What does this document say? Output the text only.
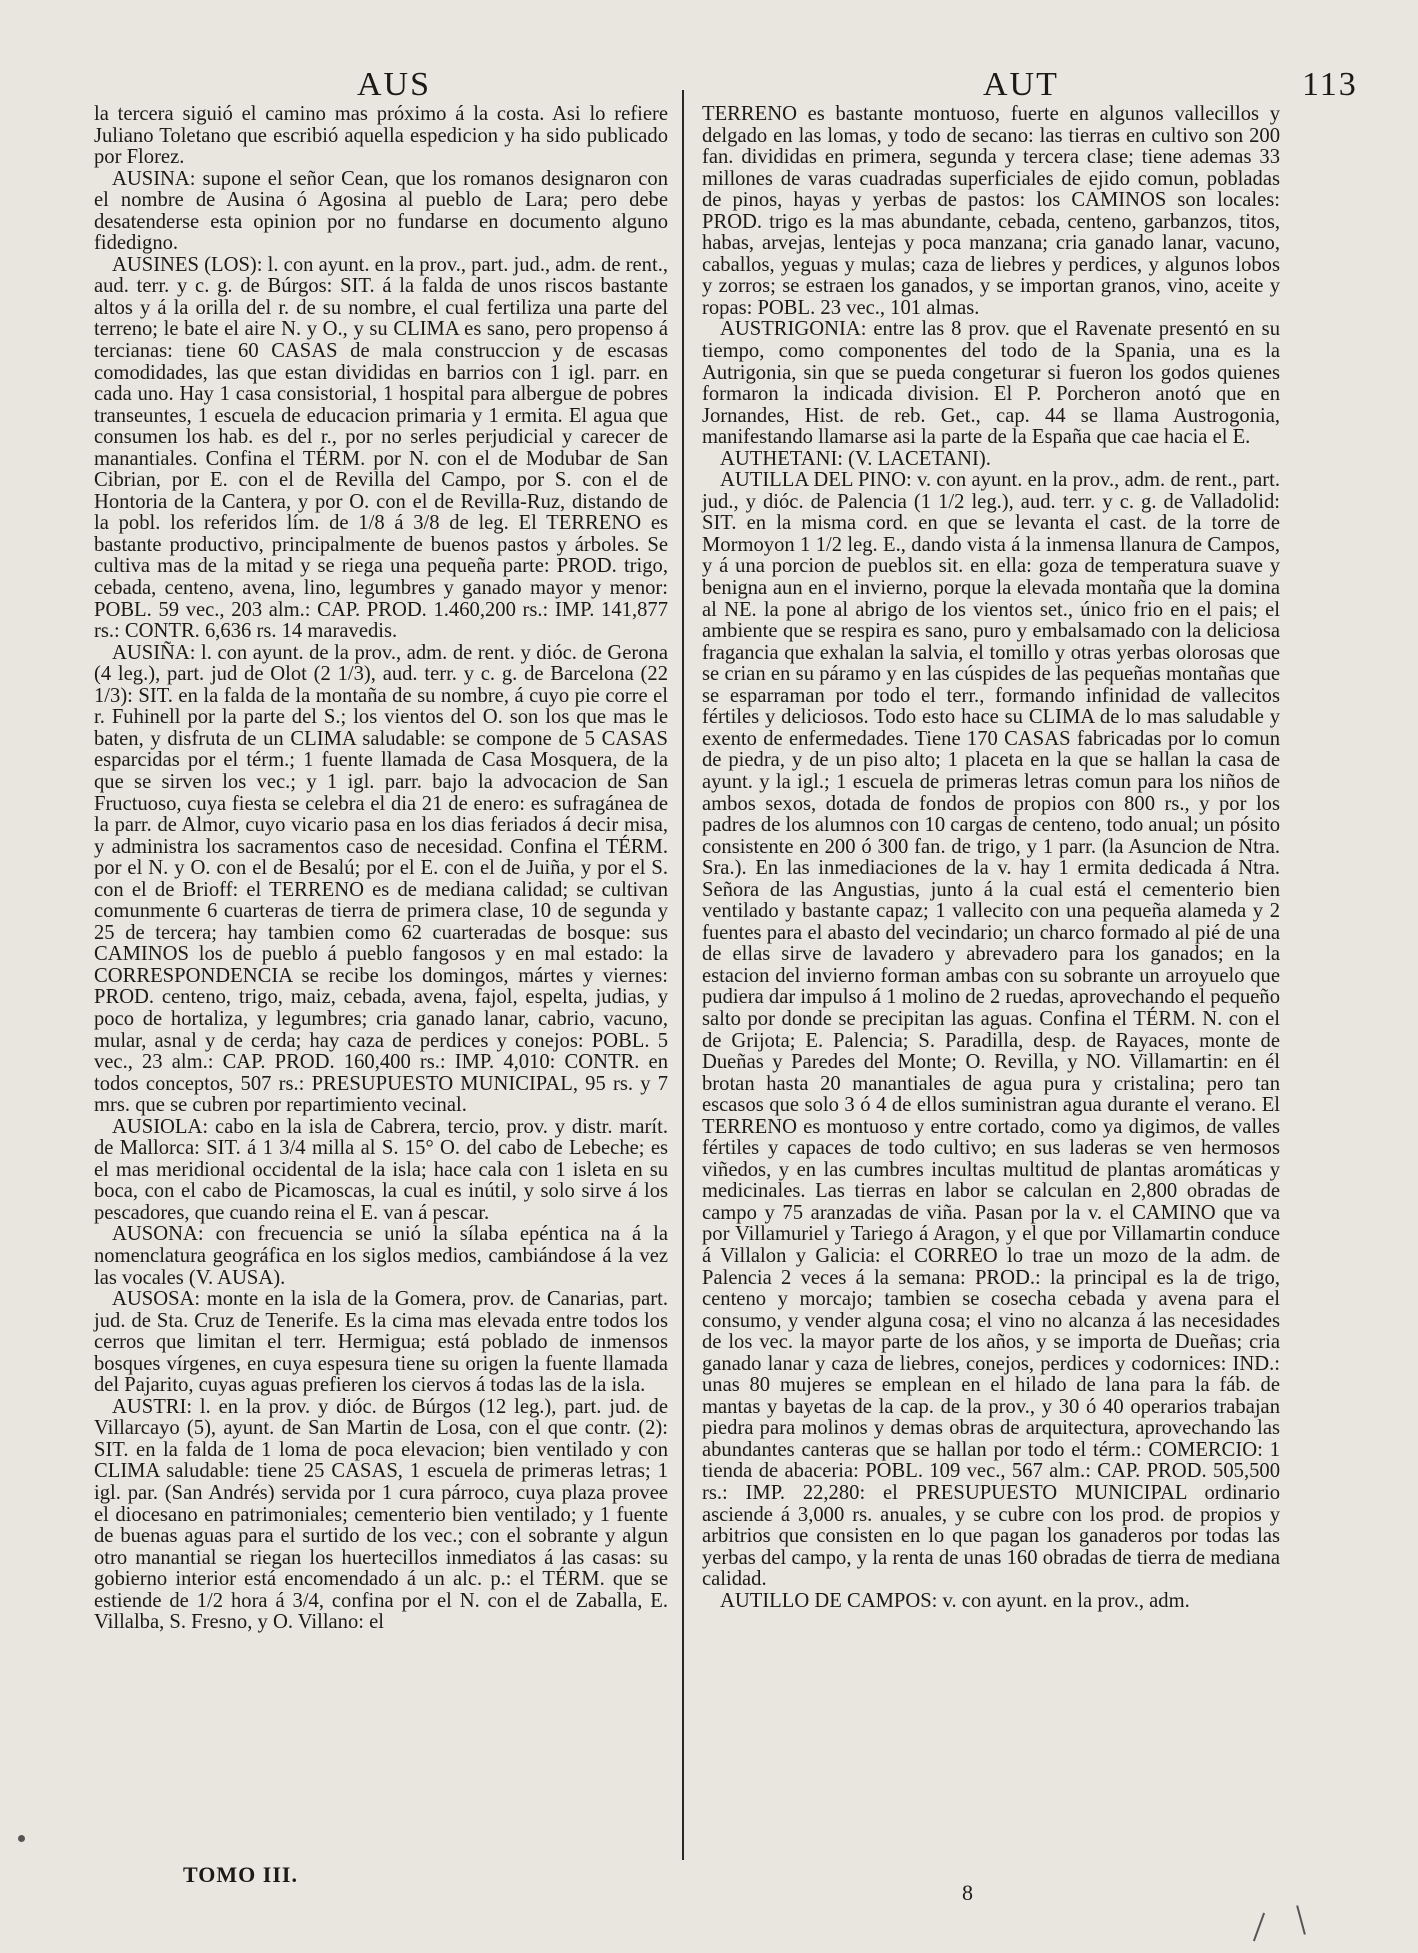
AUS	AUT	113

la tercera siguió el camino mas próximo á la costa. Asi lo refiere Juliano Toletano que escribió aquella espedicion y ha sido publicado por Florez.

AUSINA: supone el señor Cean, que los romanos designaron con el nombre de Ausina ó Agosina al pueblo de Lara; pero debe desatenderse esta opinion por no fundarse en documento alguno fidedigno.

AUSINES (LOS): l. con ayunt. en la prov., part. jud., adm. de rent., aud. terr. y c. g. de Búrgos: SIT. á la falda de unos riscos bastante altos y á la orilla del r. de su nombre, el cual fertiliza una parte del terreno; le bate el aire N. y O., y su CLIMA es sano, pero propenso á tercianas: tiene 60 CASAS de mala construccion y de escasas comodidades, las que estan divididas en barrios con 1 igl. parr. en cada uno. Hay 1 casa consistorial, 1 hospital para albergue de pobres transeuntes, 1 escuela de educacion primaria y 1 ermita. El agua que consumen los hab. es del r., por no serles perjudicial y carecer de manantiales. Confina el TÉRM. por N. con el de Modubar de San Cibrian, por E. con el de Revilla del Campo, por S. con el de Hontoria de la Cantera, y por O. con el de Revilla-Ruz, distando de la pobl. los referidos lím. de 1/8 á 3/8 de leg. El TERRENO es bastante productivo, principalmente de buenos pastos y árboles. Se cultiva mas de la mitad y se riega una pequeña parte: PROD. trigo, cebada, centeno, avena, lino, legumbres y ganado mayor y menor: POBL. 59 vec., 203 alm.: CAP. PROD. 1.460,200 rs.: IMP. 141,877 rs.: CONTR. 6,636 rs. 14 maravedis.

AUSIÑA: l. con ayunt. de la prov., adm. de rent. y dióc. de Gerona (4 leg.), part. jud de Olot (2 1/3), aud. terr. y c. g. de Barcelona (22 1/3): SIT. en la falda de la montaña de su nombre, á cuyo pie corre el r. Fuhinell por la parte del S.; los vientos del O. son los que mas le baten, y disfruta de un CLIMA saludable: se compone de 5 CASAS esparcidas por el térm.; 1 fuente llamada de Casa Mosquera, de la que se sirven los vec.; y 1 igl. parr. bajo la advocacion de San Fructuoso, cuya fiesta se celebra el dia 21 de enero: es sufragánea de la parr. de Almor, cuyo vicario pasa en los dias feriados á decir misa, y administra los sacramentos caso de necesidad. Confina el TÉRM. por el N. y O. con el de Besalú; por el E. con el de Juiña, y por el S. con el de Brioff: el TERRENO es de mediana calidad; se cultivan comunmente 6 cuarteras de tierra de primera clase, 10 de segunda y 25 de tercera; hay tambien como 62 cuarteradas de bosque: sus CAMINOS los de pueblo á pueblo fangosos y en mal estado: la CORRESPONDENCIA se recibe los domingos, mártes y viernes: PROD. centeno, trigo, maiz, cebada, avena, fajol, espelta, judias, y poco de hortaliza, y legumbres; cria ganado lanar, cabrio, vacuno, mular, asnal y de cerda; hay caza de perdices y conejos: POBL. 5 vec., 23 alm.: CAP. PROD. 160,400 rs.: IMP. 4,010: CONTR. en todos conceptos, 507 rs.: PRESUPUESTO MUNICIPAL, 95 rs. y 7 mrs. que se cubren por repartimiento vecinal.

AUSIOLA: cabo en la isla de Cabrera, tercio, prov. y distr. marít. de Mallorca: SIT. á 1 3/4 milla al S. 15° O. del cabo de Lebeche; es el mas meridional occidental de la isla; hace cala con 1 isleta en su boca, con el cabo de Picamoscas, la cual es inútil, y solo sirve á los pescadores, que cuando reina el E. van á pescar.

AUSONA: con frecuencia se unió la sílaba epéntica na á la nomenclatura geográfica en los siglos medios, cambiándose á la vez las vocales (V. AUSA).

AUSOSA: monte en la isla de la Gomera, prov. de Canarias, part. jud. de Sta. Cruz de Tenerife. Es la cima mas elevada entre todos los cerros que limitan el terr. Hermigua; está poblado de inmensos bosques vírgenes, en cuya espesura tiene su origen la fuente llamada del Pajarito, cuyas aguas prefieren los ciervos á todas las de la isla.

AUSTRI: l. en la prov. y dióc. de Búrgos (12 leg.), part. jud. de Villarcayo (5), ayunt. de San Martin de Losa, con el que contr. (2): SIT. en la falda de 1 loma de poca elevacion; bien ventilado y con CLIMA saludable: tiene 25 CASAS, 1 escuela de primeras letras; 1 igl. par. (San Andrés) servida por 1 cura párroco, cuya plaza provee el diocesano en patrimoniales; cementerio bien ventilado; y 1 fuente de buenas aguas para el surtido de los vec.; con el sobrante y algun otro manantial se riegan los huertecillos inmediatos á las casas: su gobierno interior está encomendado á un alc. p.: el TÉRM. que se estiende de 1/2 hora á 3/4, confina por el N. con el de Zaballa, E. Villalba, S. Fresno, y O. Villano: el

TERRENO es bastante montuoso, fuerte en algunos vallecillos y delgado en las lomas, y todo de secano: las tierras en cultivo son 200 fan. divididas en primera, segunda y tercera clase; tiene ademas 33 millones de varas cuadradas superficiales de ejido comun, pobladas de pinos, hayas y yerbas de pastos: los CAMINOS son locales: PROD. trigo es la mas abundante, cebada, centeno, garbanzos, titos, habas, arvejas, lentejas y poca manzana; cria ganado lanar, vacuno, caballos, yeguas y mulas; caza de liebres y perdices, y algunos lobos y zorros; se estraen los ganados, y se importan granos, vino, aceite y ropas: POBL. 23 vec., 101 almas.

AUSTRIGONIA: entre las 8 prov. que el Ravenate presentó en su tiempo, como componentes del todo de la Spania, una es la Autrigonia, sin que se pueda congeturar si fueron los godos quienes formaron la indicada division. El P. Porcheron anotó que en Jornandes, Hist. de reb. Get., cap. 44 se llama Austrogonia, manifestando llamarse asi la parte de la España que cae hacia el E.

AUTHETANI: (V. LACETANI).

AUTILLA DEL PINO: v. con ayunt. en la prov., adm. de rent., part. jud., y dióc. de Palencia (1 1/2 leg.), aud. terr. y c. g. de Valladolid: SIT. en la misma cord. en que se levanta el cast. de la torre de Mormoyon 1 1/2 leg. E., dando vista á la inmensa llanura de Campos, y á una porcion de pueblos sit. en ella: goza de temperatura suave y benigna aun en el invierno, porque la elevada montaña que la domina al NE. la pone al abrigo de los vientos set., único frio en el pais; el ambiente que se respira es sano, puro y embalsamado con la deliciosa fragancia que exhalan la salvia, el tomillo y otras yerbas olorosas que se crian en su páramo y en las cúspides de las pequeñas montañas que se esparraman por todo el terr., formando infinidad de vallecitos fértiles y deliciosos. Todo esto hace su CLIMA de lo mas saludable y exento de enfermedades. Tiene 170 CASAS fabricadas por lo comun de piedra, y de un piso alto; 1 placeta en la que se hallan la casa de ayunt. y la igl.; 1 escuela de primeras letras comun para los niños de ambos sexos, dotada de fondos de propios con 800 rs., y por los padres de los alumnos con 10 cargas de centeno, todo anual; un pósito consistente en 200 ó 300 fan. de trigo, y 1 parr. (la Asuncion de Ntra. Sra.). En las inmediaciones de la v. hay 1 ermita dedicada á Ntra. Señora de las Angustias, junto á la cual está el cementerio bien ventilado y bastante capaz; 1 vallecito con una pequeña alameda y 2 fuentes para el abasto del vecindario; un charco formado al pié de una de ellas sirve de lavadero y abrevadero para los ganados; en la estacion del invierno forman ambas con su sobrante un arroyuelo que pudiera dar impulso á 1 molino de 2 ruedas, aprovechando el pequeño salto por donde se precipitan las aguas. Confina el TÉRM. N. con el de Grijota; E. Palencia; S. Paradilla, desp. de Rayaces, monte de Dueñas y Paredes del Monte; O. Revilla, y NO. Villamartin: en él brotan hasta 20 manantiales de agua pura y cristalina; pero tan escasos que solo 3 ó 4 de ellos suministran agua durante el verano. El TERRENO es montuoso y entre cortado, como ya digimos, de valles fértiles y capaces de todo cultivo; en sus laderas se ven hermosos viñedos, y en las cumbres incultas multitud de plantas aromáticas y medicinales. Las tierras en labor se calculan en 2,800 obradas de campo y 75 aranzadas de viña. Pasan por la v. el CAMINO que va por Villamuriel y Tariego á Aragon, y el que por Villamartin conduce á Villalon y Galicia: el CORREO lo trae un mozo de la adm. de Palencia 2 veces á la semana: PROD.: la principal es la de trigo, centeno y morcajo; tambien se cosecha cebada y avena para el consumo, y vender alguna cosa; el vino no alcanza á las necesidades de los vec. la mayor parte de los años, y se importa de Dueñas; cria ganado lanar y caza de liebres, conejos, perdices y codornices: IND.: unas 80 mujeres se emplean en el hilado de lana para la fáb. de mantas y bayetas de la cap. de la prov., y 30 ó 40 operarios trabajan piedra para molinos y demas obras de arquitectura, aprovechando las abundantes canteras que se hallan por todo el térm.: COMERCIO: 1 tienda de abaceria: POBL. 109 vec., 567 alm.: CAP. PROD. 505,500 rs.: IMP. 22,280: el PRESUPUESTO MUNICIPAL ordinario asciende á 3,000 rs. anuales, y se cubre con los prod. de propios y arbitrios que consisten en lo que pagan los ganaderos por todas las yerbas del campo, y la renta de unas 160 obradas de tierra de mediana calidad.

AUTILLO DE CAMPOS: v. con ayunt. en la prov., adm.

TOMO III.
8
